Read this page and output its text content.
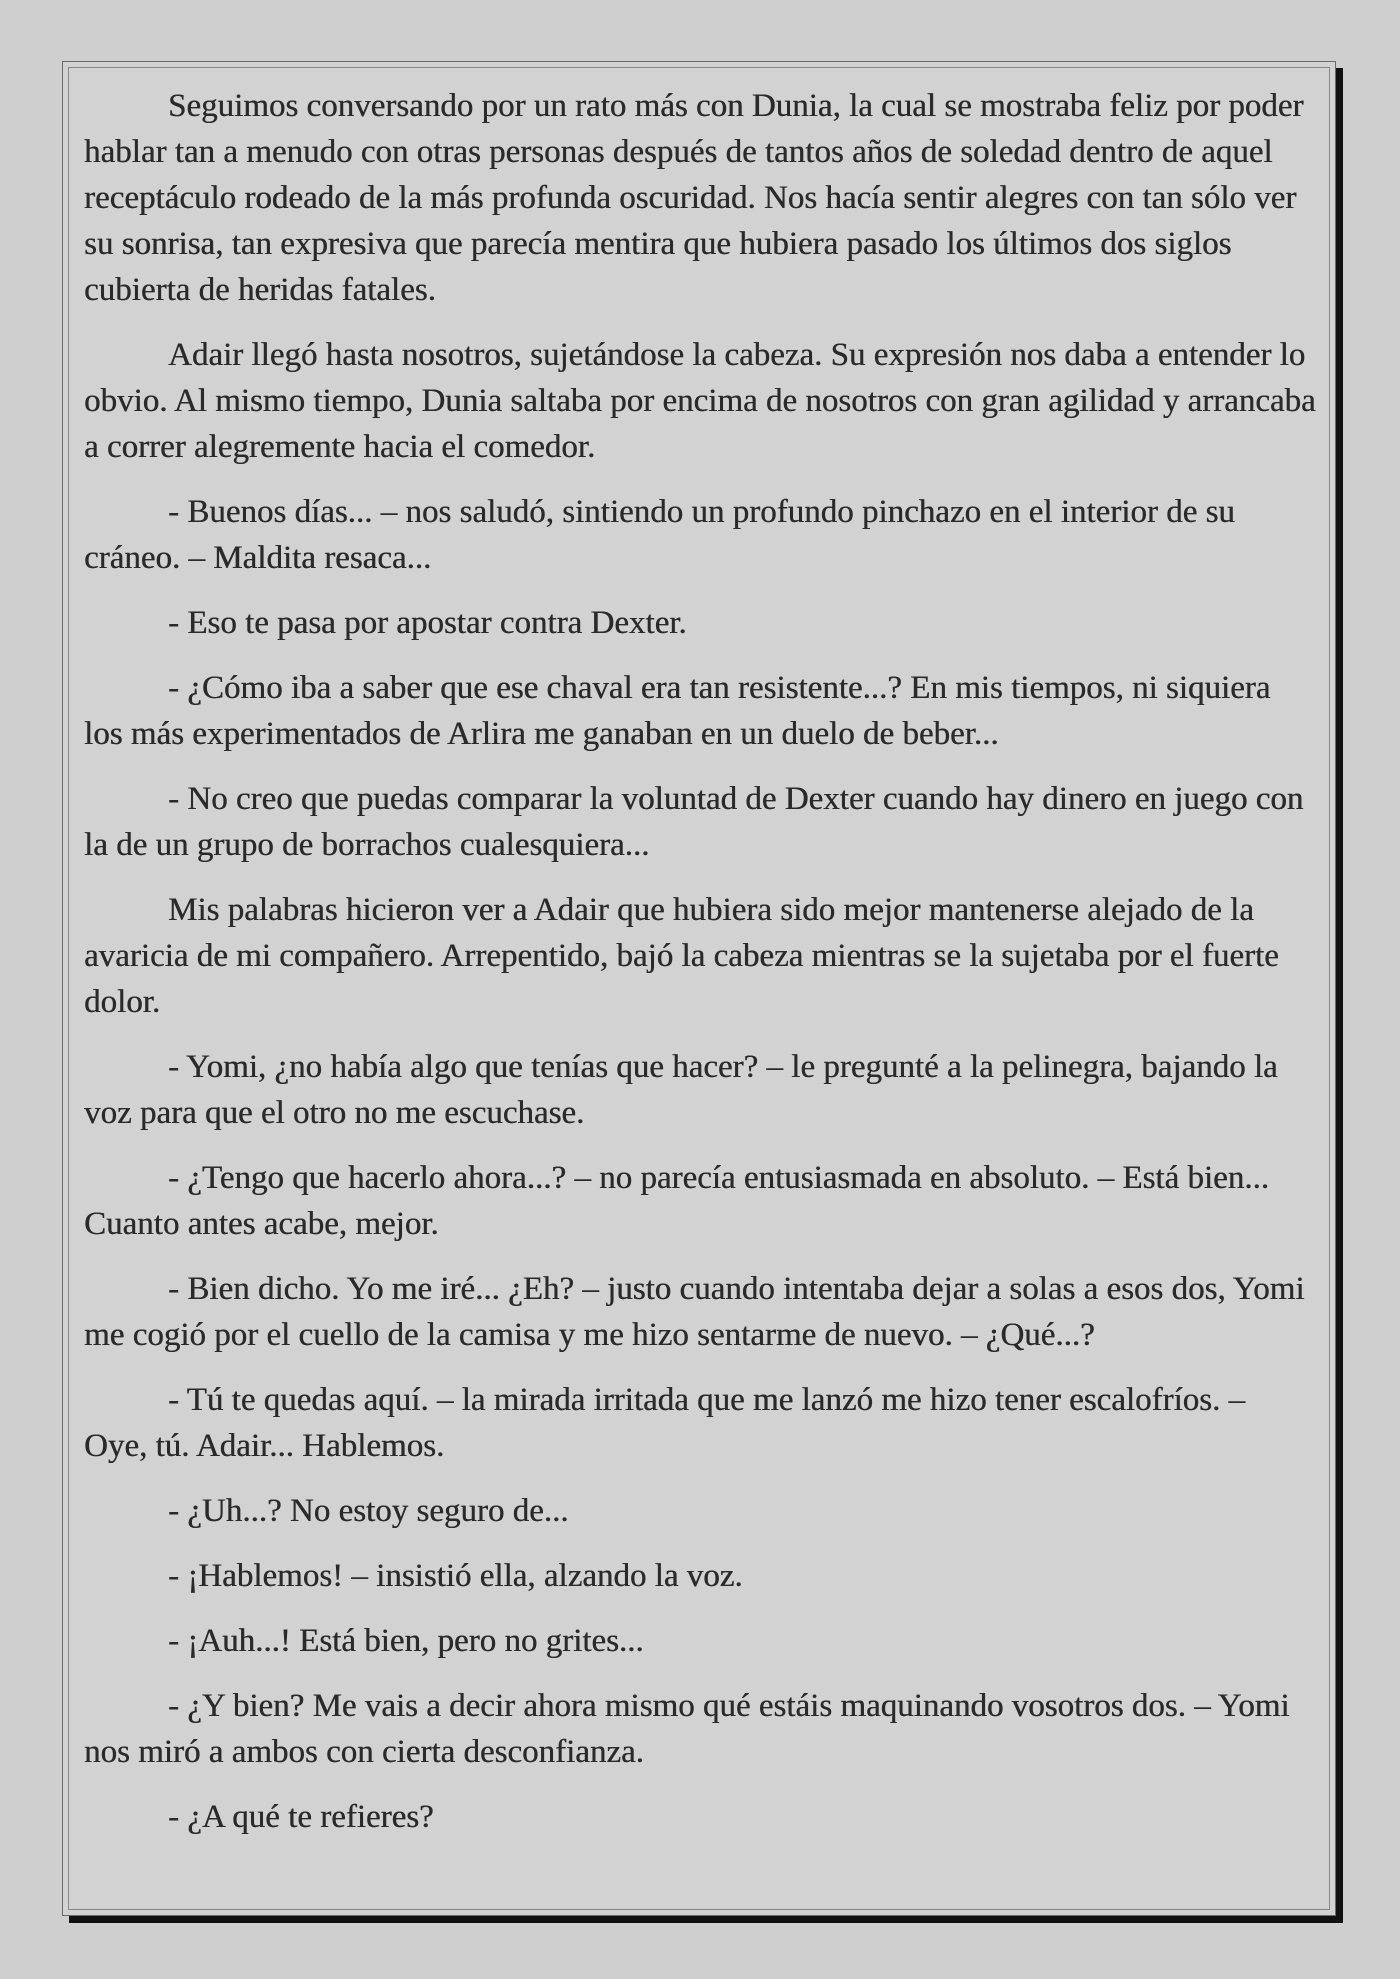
Seguimos conversando por un rato más con Dunia, la cual se mostraba feliz por poder hablar tan a menudo con otras personas después de tantos años de soledad dentro de aquel receptáculo rodeado de la más profunda oscuridad. Nos hacía sentir alegres con tan sólo ver su sonrisa, tan expresiva que parecía mentira que hubiera pasado los últimos dos siglos cubierta de heridas fatales.

Adair llegó hasta nosotros, sujetándose la cabeza. Su expresión nos daba a entender lo obvio. Al mismo tiempo, Dunia saltaba por encima de nosotros con gran agilidad y arrancaba a correr alegremente hacia el comedor.

- Buenos días... – nos saludó, sintiendo un profundo pinchazo en el interior de su cráneo. – Maldita resaca...

- Eso te pasa por apostar contra Dexter.

- ¿Cómo iba a saber que ese chaval era tan resistente...? En mis tiempos, ni siquiera los más experimentados de Arlira me ganaban en un duelo de beber...

- No creo que puedas comparar la voluntad de Dexter cuando hay dinero en juego con la de un grupo de borrachos cualesquiera...

Mis palabras hicieron ver a Adair que hubiera sido mejor mantenerse alejado de la avaricia de mi compañero. Arrepentido, bajó la cabeza mientras se la sujetaba por el fuerte dolor.

- Yomi, ¿no había algo que tenías que hacer? – le pregunté a la pelinegra, bajando la voz para que el otro no me escuchase.

- ¿Tengo que hacerlo ahora...? – no parecía entusiasmada en absoluto. – Está bien... Cuanto antes acabe, mejor.

- Bien dicho. Yo me iré... ¿Eh? – justo cuando intentaba dejar a solas a esos dos, Yomi me cogió por el cuello de la camisa y me hizo sentarme de nuevo. – ¿Qué...?

- Tú te quedas aquí. – la mirada irritada que me lanzó me hizo tener escalofríos. – Oye, tú. Adair... Hablemos.

- ¿Uh...? No estoy seguro de...

- ¡Hablemos! – insistió ella, alzando la voz.

- ¡Auh...! Está bien, pero no grites...

- ¿Y bien? Me vais a decir ahora mismo qué estáis maquinando vosotros dos. – Yomi nos miró a ambos con cierta desconfianza.

- ¿A qué te refieres?
